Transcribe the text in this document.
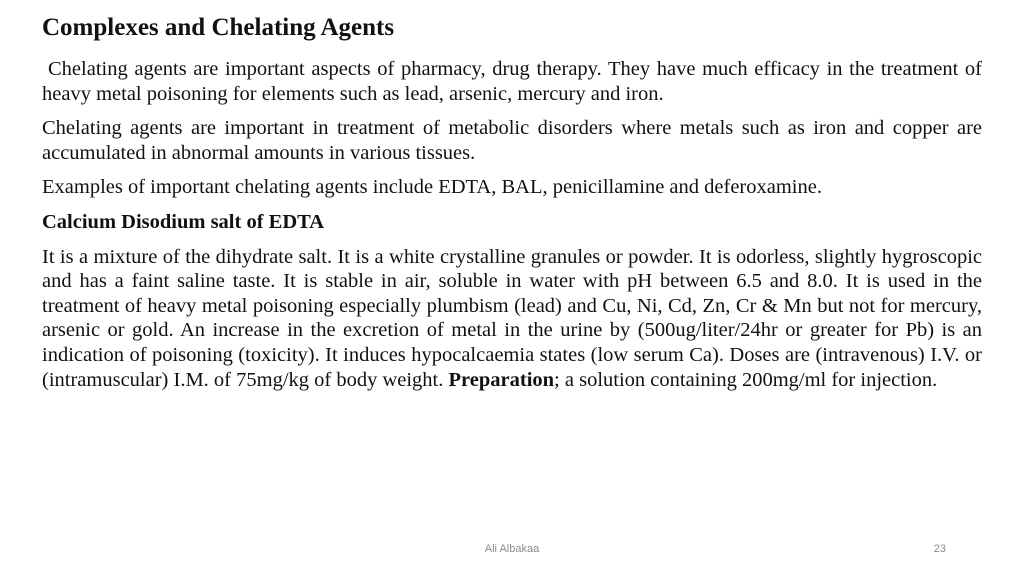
Complexes and Chelating Agents

Chelating agents are important aspects of pharmacy, drug therapy. They have much efficacy in the treatment of heavy metal poisoning for elements such as lead, arsenic, mercury and iron.

Chelating agents are important in treatment of metabolic disorders where metals such as iron and copper are accumulated in abnormal amounts in various tissues.

Examples of important chelating agents include EDTA, BAL, penicillamine and deferoxamine.

Calcium Disodium salt of EDTA

It is a mixture of the dihydrate salt. It is a white crystalline granules or powder. It is odorless, slightly hygroscopic and has a faint saline taste. It is stable in air, soluble in water with pH between 6.5 and 8.0. It is used in the treatment of heavy metal poisoning especially plumbism (lead) and Cu, Ni, Cd, Zn, Cr & Mn but not for mercury, arsenic or gold. An increase in the excretion of metal in the urine by (500ug/liter/24hr or greater for Pb) is an indication of poisoning (toxicity). It induces hypocalcaemia states (low serum Ca). Doses are (intravenous) I.V. or (intramuscular) I.M. of 75mg/kg of body weight. Preparation; a solution containing 200mg/ml for injection.

Ali Albakaa	23
